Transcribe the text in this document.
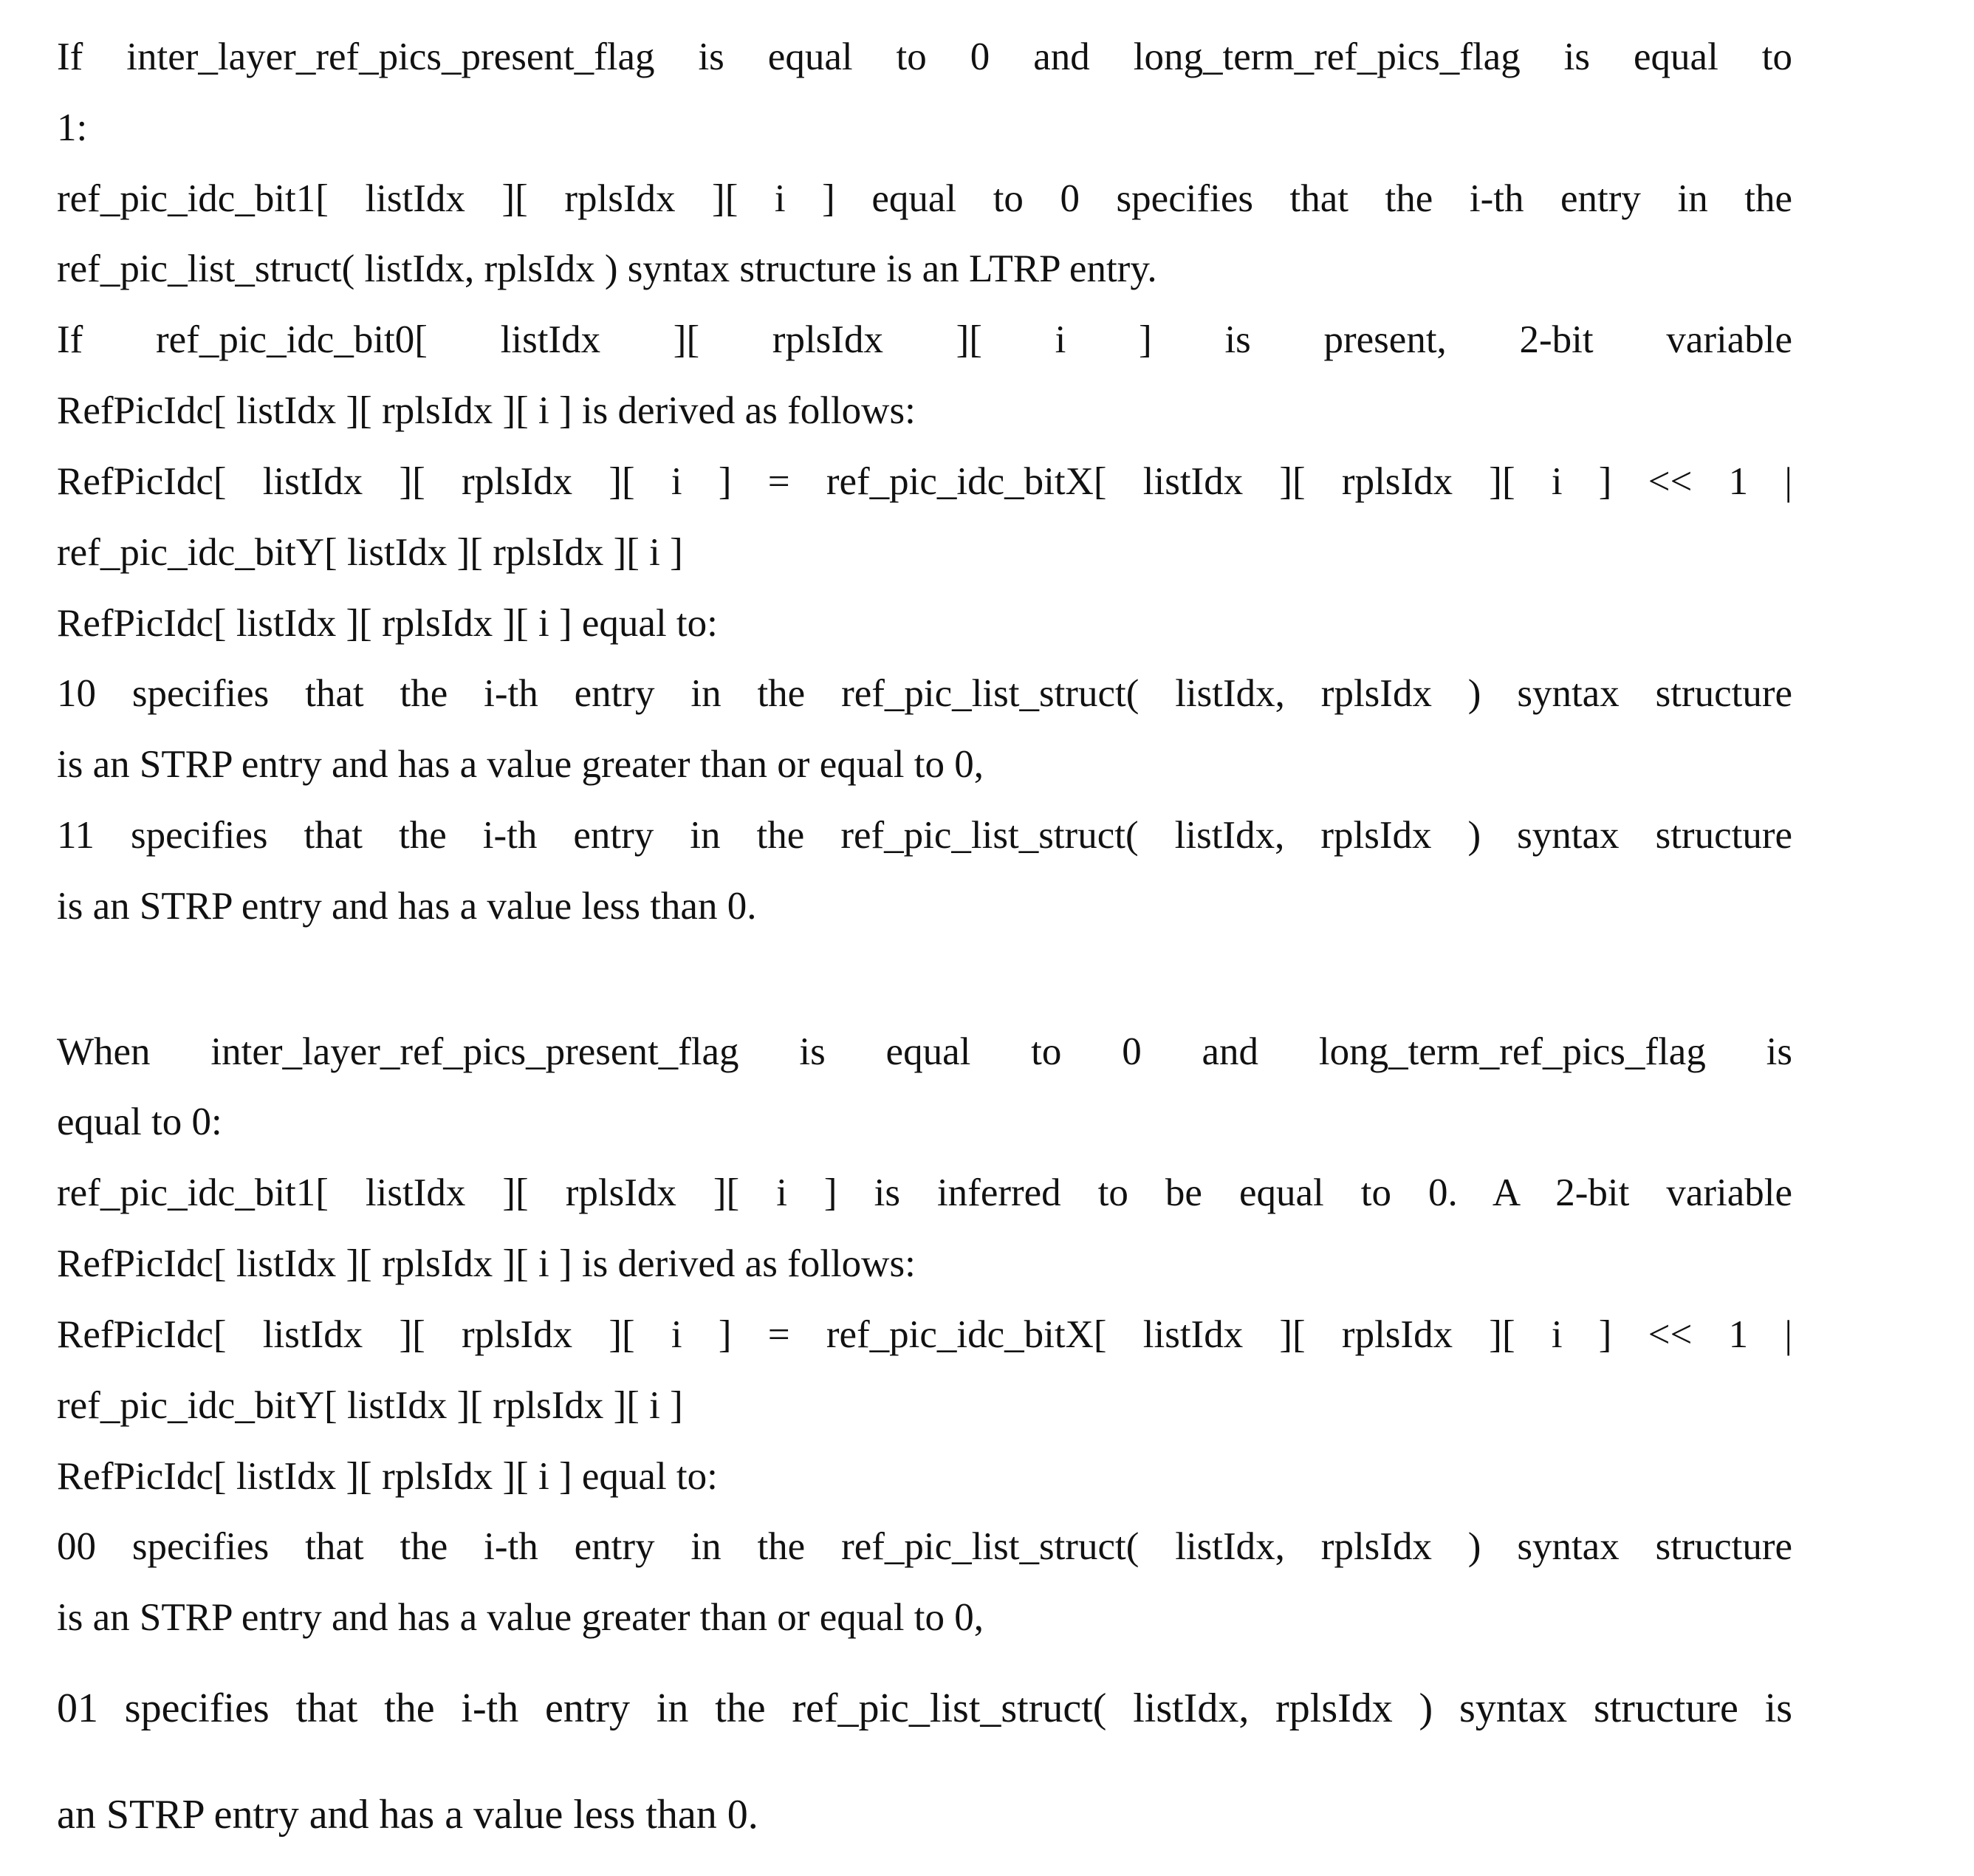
If inter_layer_ref_pics_present_flag is equal to 0 and long_term_ref_pics_flag is equal to
1:
ref_pic_idc_bit1[ listIdx ][ rplsIdx ][ i ] equal to 0 specifies that the i-th entry in the
ref_pic_list_struct( listIdx, rplsIdx ) syntax structure is an LTRP entry.
If ref_pic_idc_bit0[ listIdx ][ rplsIdx ][ i ] is present, 2-bit variable
RefPicIdc[ listIdx ][ rplsIdx ][ i ] is derived as follows:
RefPicIdc[ listIdx ][ rplsIdx ][ i ] = ref_pic_idc_bitX[ listIdx ][ rplsIdx ][ i ] << 1 |
ref_pic_idc_bitY[ listIdx ][ rplsIdx ][ i ]
RefPicIdc[ listIdx ][ rplsIdx ][ i ] equal to:
10 specifies that the i-th entry in the ref_pic_list_struct( listIdx, rplsIdx ) syntax structure
is an STRP entry and has a value greater than or equal to 0,
11 specifies that the i-th entry in the ref_pic_list_struct( listIdx, rplsIdx ) syntax structure
is an STRP entry and has a value less than 0.
When inter_layer_ref_pics_present_flag is equal to 0 and long_term_ref_pics_flag is
equal to 0:
ref_pic_idc_bit1[ listIdx ][ rplsIdx ][ i ] is inferred to be equal to 0. A 2-bit variable
RefPicIdc[ listIdx ][ rplsIdx ][ i ] is derived as follows:
RefPicIdc[ listIdx ][ rplsIdx ][ i ] = ref_pic_idc_bitX[ listIdx ][ rplsIdx ][ i ] << 1 |
ref_pic_idc_bitY[ listIdx ][ rplsIdx ][ i ]
RefPicIdc[ listIdx ][ rplsIdx ][ i ] equal to:
00 specifies that the i-th entry in the ref_pic_list_struct( listIdx, rplsIdx ) syntax structure
is an STRP entry and has a value greater than or equal to 0,
01 specifies that the i-th entry in the ref_pic_list_struct( listIdx, rplsIdx ) syntax structure is
an STRP entry and has a value less than 0.
